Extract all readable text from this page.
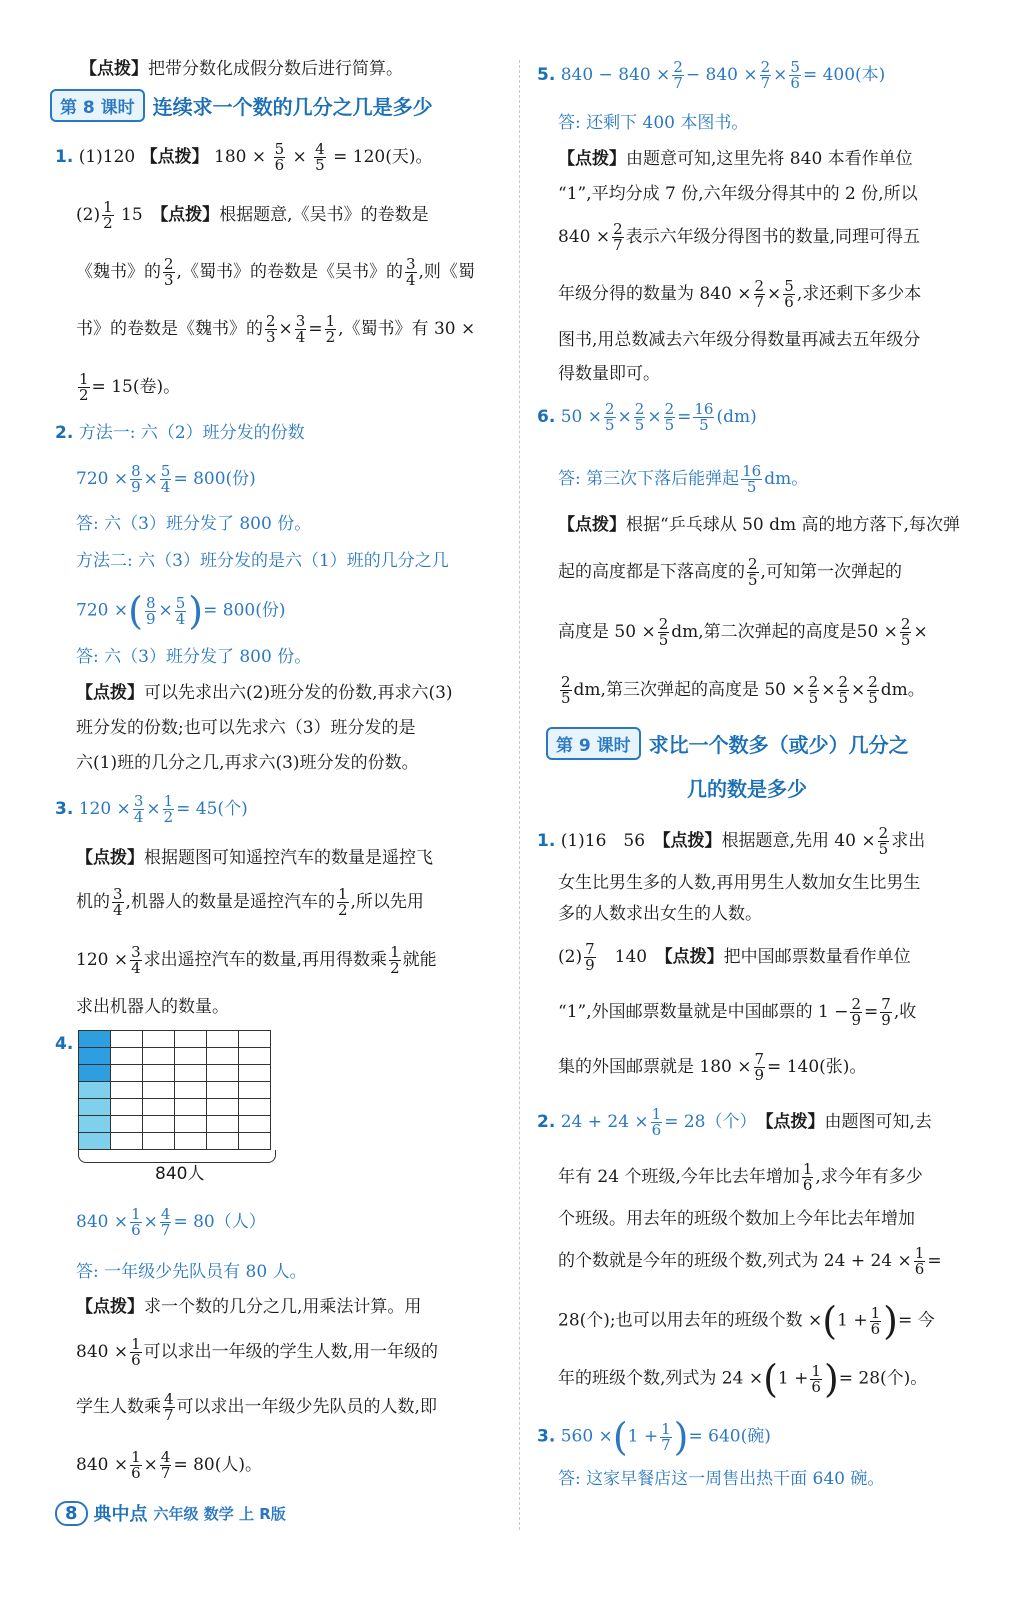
【点拨】把带分数化成假分数后进行简算。
第 8 课时 连续求一个数的几分之几是多少
1. (1)120 【点拨】 $180 \times \frac{5}{6} \times \frac{4}{5} = 120$(天)。
$(2) \frac{1}{2} 15$　 【点拨】根据题意,《吴书》的卷数是
《魏书》的 $\frac{2}{3}$ ,《蜀书》的卷数是《吴书》的 $\frac{3}{4}$ ,则《蜀
书》的卷数是《魏书》的 $\frac{2}{3} \times \frac{3}{4} = \frac{1}{2}$ ,《蜀书》有 30 ×
$\frac{1}{2} = 15$(卷)。
2. 方法一: 六（2）班分发的份数
$720 \times \frac{8}{9} \times \frac{5}{4} = 800$(份)
答: 六（3）班分发了 800 份。
方法二: 六（3）班分发的是六（1）班的几分之几
720 ×( $\frac{8}{9} \times \frac{5}{4}$ )= 800(份)
答: 六（3）班分发了 800 份。
【点拨】可以先求出六(2)班分发的份数,再求六(3)
班分发的份数;也可以先求六（3）班分发的是
六(1)班的几分之几,再求六(3)班分发的份数。
3. $120 \times \frac{3}{4} \times \frac{1}{2} = 45$(个)
【点拨】根据题图可知遥控汽车的数量是遥控飞
机的 $\frac{3}{4}$ ,机器人的数量是遥控汽车的 $\frac{1}{2}$ ,所以先用
$120 \times \frac{3}{4}$ 求出遥控汽车的数量,再用得数乘 $\frac{1}{2}$ 就能
求出机器人的数量。
4.

840人
$840 \times \frac{1}{6} \times \frac{4}{7} = 80$（人）
答: 一年级少先队员有 80 人。
【点拨】求一个数的几分之几,用乘法计算。用
$840 \times \frac{1}{6}$ 可以求出一年级的学生人数,用一年级的
学生人数乘 $\frac{4}{7}$ 可以求出一年级少先队员的人数,即
$840 \times \frac{1}{6} \times \frac{4}{7} = 80$(人)。
5. $840 - 840 \times \frac{2}{7} - 840 \times \frac{2}{7} \times \frac{5}{6} = 400$(本)
答: 还剩下 400 本图书。
【点拨】由题意可知,这里先将 840 本看作单位
“1”,平均分成 7 份,六年级分得其中的 2 份,所以
$840 \times \frac{2}{7}$ 表示六年级分得图书的数量,同理可得五
年级分得的数量为 $840 \times \frac{2}{7} \times \frac{5}{6}$ ,求还剩下多少本
图书,用总数减去六年级分得数量再减去五年级分
得数量即可。
6. $50 \times \frac{2}{5} \times \frac{2}{5} \times \frac{2}{5} = \frac{16}{5} (dm)$
答: 第三次下落后能弹起 $\frac{16}{5}$ dm。
【点拨】根据“乒乓球从 50 dm 高的地方落下,每次弹
起的高度都是下落高度的 $\frac{2}{5}$ ,可知第一次弹起的
高度是 $50 \times \frac{2}{5}$ dm,第二次弹起的高度是$50 \times \frac{2}{5}$ ×
$\frac{2}{5}$ dm,第三次弹起的高度是 $50 \times \frac{2}{5} \times \frac{2}{5} \times \frac{2}{5}$ dm。
第 9 课时 求比一个数多（或少）几分之
几的数是多少
1. (1)16　56　 【点拨】根据题意,先用 $40 \times \frac{2}{5}$ 求出
女生比男生多的人数,再用男生人数加女生比男生
多的人数求出女生的人数。
$(2) \frac{7}{9}$
　 140　 【点拨】把中国邮票数量看作单位
“1”,外国邮票数量就是中国邮票的 $1 - \frac{2}{9} = \frac{7}{9}$ ,收
集的外国邮票就是 $180 \times \frac{7}{9} = 140$(张)。
2. $24 + 24 \times \frac{1}{6} = 28$（个）　 【点拨】由题图可知,去
年有 24 个班级,今年比去年增加 $\frac{1}{6}$ ,求今年有多少
个班级。用去年的班级个数加上今年比去年增加
的个数就是今年的班级个数,列式为 $24 + 24 \times \frac{1}{6}$ =
28(个);也可以用去年的班级个数 $\times(1 + \frac{1}{6}$ )= 今
年的班级个数,列式为 $24 \times(1 + \frac{1}{6}$ )= 28(个)。
3. $560 \times(1 + \frac{1}{7}$ )= 640(碗)
答: 这家早餐店这一周售出热干面 640 碗。
8 典中点 六年级 数学 上 R版
